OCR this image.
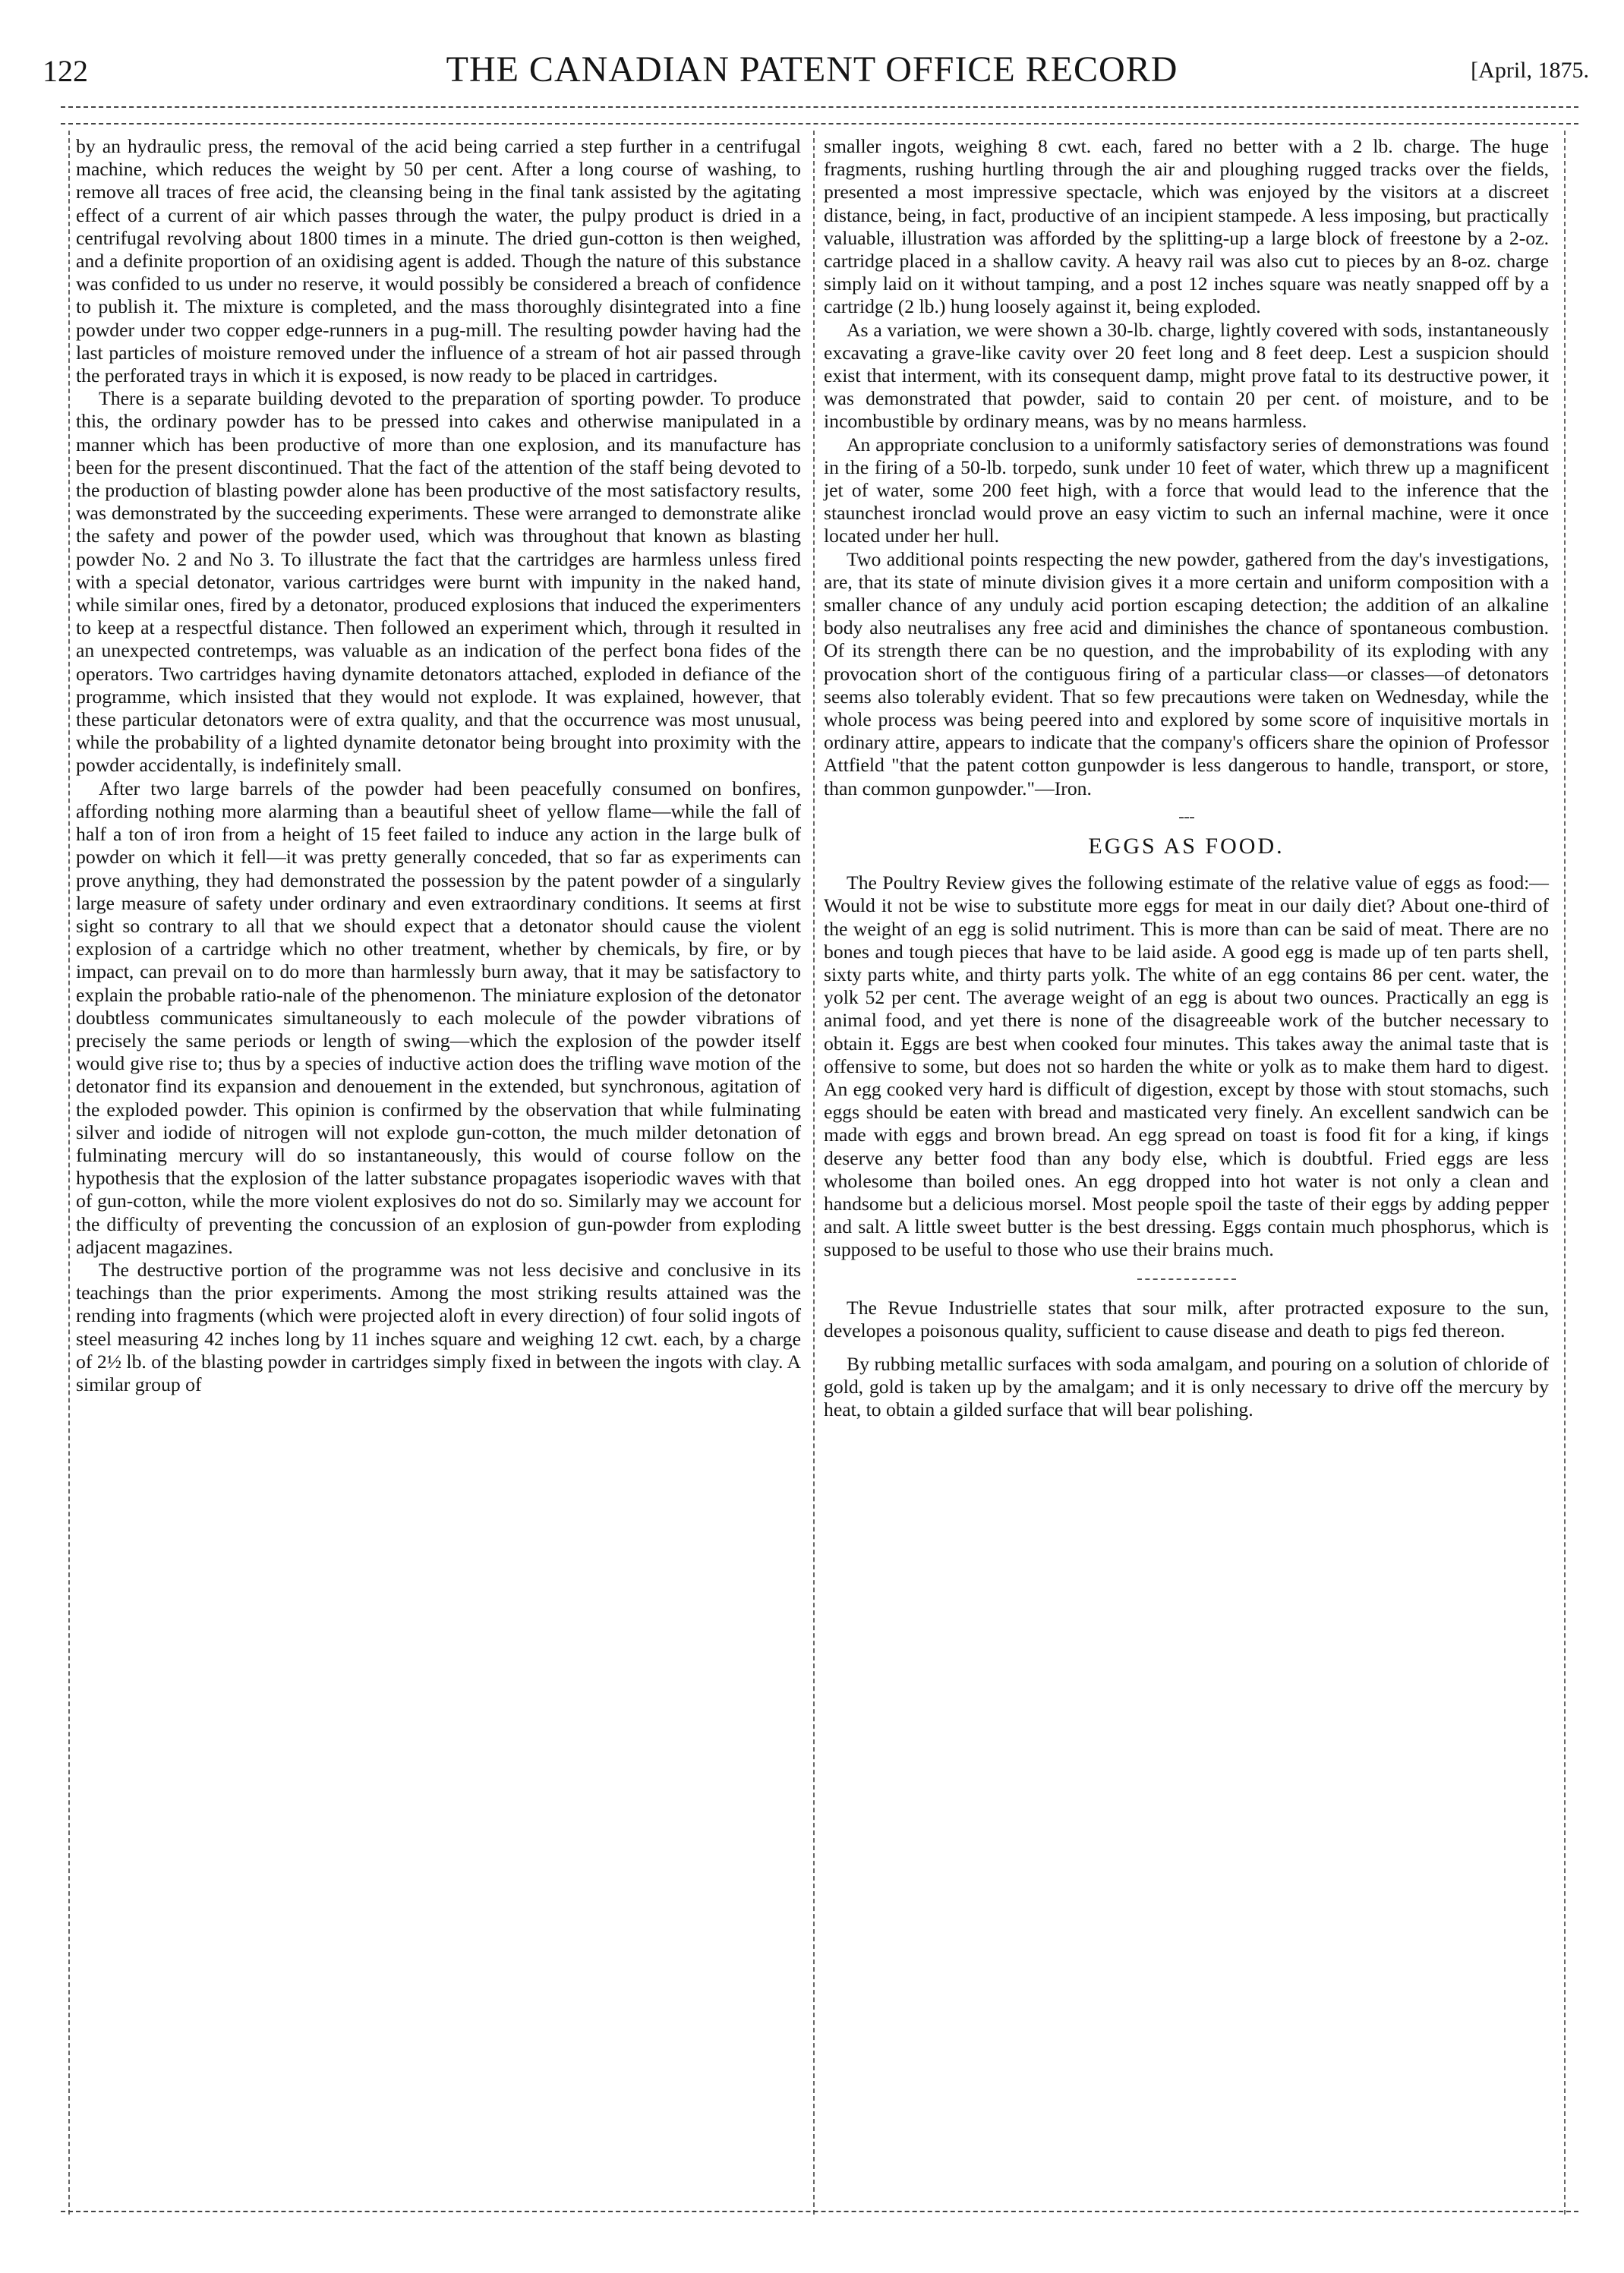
122	THE CANADIAN PATENT OFFICE RECORD	[April, 1875.

by an hydraulic press, the removal of the acid being carried a step further in a centrifugal machine, which reduces the weight by 50 per cent. After a long course of washing, to remove all traces of free acid, the cleansing being in the final tank assisted by the agitating effect of a current of air which passes through the water, the pulpy product is dried in a centrifugal revolving about 1800 times in a minute. The dried gun-cotton is then weighed, and a definite proportion of an oxidising agent is added. Though the nature of this substance was confided to us under no reserve, it would possibly be considered a breach of confidence to publish it. The mixture is completed, and the mass thoroughly disintegrated into a fine powder under two copper edge-runners in a pug-mill. The resulting powder having had the last particles of moisture removed under the influence of a stream of hot air passed through the perforated trays in which it is exposed, is now ready to be placed in cartridges.

There is a separate building devoted to the preparation of sporting powder. To produce this, the ordinary powder has to be pressed into cakes and otherwise manipulated in a manner which has been productive of more than one explosion, and its manufacture has been for the present discontinued. That the fact of the attention of the staff being devoted to the production of blasting powder alone has been productive of the most satisfactory results, was demonstrated by the succeeding experiments. These were arranged to demonstrate alike the safety and power of the powder used, which was throughout that known as blasting powder No. 2 and No 3. To illustrate the fact that the cartridges are harmless unless fired with a special detonator, various cartridges were burnt with impunity in the naked hand, while similar ones, fired by a detonator, produced explosions that induced the experimenters to keep at a respectful distance. Then followed an experiment which, through it resulted in an unexpected contretemps, was valuable as an indication of the perfect bona fides of the operators. Two cartridges having dynamite detonators attached, exploded in defiance of the programme, which insisted that they would not explode. It was explained, however, that these particular detonators were of extra quality, and that the occurrence was most unusual, while the probability of a lighted dynamite detonator being brought into proximity with the powder accidentally, is indefinitely small.

After two large barrels of the powder had been peacefully consumed on bonfires, affording nothing more alarming than a beautiful sheet of yellow flame—while the fall of half a ton of iron from a height of 15 feet failed to induce any action in the large bulk of powder on which it fell—it was pretty generally conceded, that so far as experiments can prove anything, they had demonstrated the possession by the patent powder of a singularly large measure of safety under ordinary and even extraordinary conditions. It seems at first sight so contrary to all that we should expect that a detonator should cause the violent explosion of a cartridge which no other treatment, whether by chemicals, by fire, or by impact, can prevail on to do more than harmlessly burn away, that it may be satisfactory to explain the probable ratio-nale of the phenomenon. The miniature explosion of the detonator doubtless communicates simultaneously to each molecule of the powder vibrations of precisely the same periods or length of swing—which the explosion of the powder itself would give rise to; thus by a species of inductive action does the trifling wave motion of the detonator find its expansion and denouement in the extended, but synchronous, agitation of the exploded powder. This opinion is confirmed by the observation that while fulminating silver and iodide of nitrogen will not explode gun-cotton, the much milder detonation of fulminating mercury will do so instantaneously, this would of course follow on the hypothesis that the explosion of the latter substance propagates isoperiodic waves with that of gun-cotton, while the more violent explosives do not do so. Similarly may we account for the difficulty of preventing the concussion of an explosion of gun-powder from exploding adjacent magazines.

The destructive portion of the programme was not less decisive and conclusive in its teachings than the prior experiments. Among the most striking results attained was the rending into fragments (which were projected aloft in every direction) of four solid ingots of steel measuring 42 inches long by 11 inches square and weighing 12 cwt. each, by a charge of 2½ lb. of the blasting powder in cartridges simply fixed in between the ingots with clay. A similar group of

smaller ingots, weighing 8 cwt. each, fared no better with a 2 lb. charge. The huge fragments, rushing hurtling through the air and ploughing rugged tracks over the fields, presented a most impressive spectacle, which was enjoyed by the visitors at a discreet distance, being, in fact, productive of an incipient stampede. A less imposing, but practically valuable, illustration was afforded by the splitting-up a large block of freestone by a 2-oz. cartridge placed in a shallow cavity. A heavy rail was also cut to pieces by an 8-oz. charge simply laid on it without tamping, and a post 12 inches square was neatly snapped off by a cartridge (2 lb.) hung loosely against it, being exploded.

As a variation, we were shown a 30-lb. charge, lightly covered with sods, instantaneously excavating a grave-like cavity over 20 feet long and 8 feet deep. Lest a suspicion should exist that interment, with its consequent damp, might prove fatal to its destructive power, it was demonstrated that powder, said to contain 20 per cent. of moisture, and to be incombustible by ordinary means, was by no means harmless.

An appropriate conclusion to a uniformly satisfactory series of demonstrations was found in the firing of a 50-lb. torpedo, sunk under 10 feet of water, which threw up a magnificent jet of water, some 200 feet high, with a force that would lead to the inference that the staunchest ironclad would prove an easy victim to such an infernal machine, were it once located under her hull.

Two additional points respecting the new powder, gathered from the day's investigations, are, that its state of minute division gives it a more certain and uniform composition with a smaller chance of any unduly acid portion escaping detection; the addition of an alkaline body also neutralises any free acid and diminishes the chance of spontaneous combustion. Of its strength there can be no question, and the improbability of its exploding with any provocation short of the contiguous firing of a particular class—or classes—of detonators seems also tolerably evident. That so few precautions were taken on Wednesday, while the whole process was being peered into and explored by some score of inquisitive mortals in ordinary attire, appears to indicate that the company's officers share the opinion of Professor Attfield "that the patent cotton gunpowder is less dangerous to handle, transport, or store, than common gunpowder."—Iron.

EGGS AS FOOD.

The Poultry Review gives the following estimate of the relative value of eggs as food:—Would it not be wise to substitute more eggs for meat in our daily diet? About one-third of the weight of an egg is solid nutriment. This is more than can be said of meat. There are no bones and tough pieces that have to be laid aside. A good egg is made up of ten parts shell, sixty parts white, and thirty parts yolk. The white of an egg contains 86 per cent. water, the yolk 52 per cent. The average weight of an egg is about two ounces. Practically an egg is animal food, and yet there is none of the disagreeable work of the butcher necessary to obtain it. Eggs are best when cooked four minutes. This takes away the animal taste that is offensive to some, but does not so harden the white or yolk as to make them hard to digest. An egg cooked very hard is difficult of digestion, except by those with stout stomachs, such eggs should be eaten with bread and masticated very finely. An excellent sandwich can be made with eggs and brown bread. An egg spread on toast is food fit for a king, if kings deserve any better food than any body else, which is doubtful. Fried eggs are less wholesome than boiled ones. An egg dropped into hot water is not only a clean and handsome but a delicious morsel. Most people spoil the taste of their eggs by adding pepper and salt. A little sweet butter is the best dressing. Eggs contain much phosphorus, which is supposed to be useful to those who use their brains much.

The Revue Industrielle states that sour milk, after protracted exposure to the sun, developes a poisonous quality, sufficient to cause disease and death to pigs fed thereon.

By rubbing metallic surfaces with soda amalgam, and pouring on a solution of chloride of gold, gold is taken up by the amalgam; and it is only necessary to drive off the mercury by heat, to obtain a gilded surface that will bear polishing.
